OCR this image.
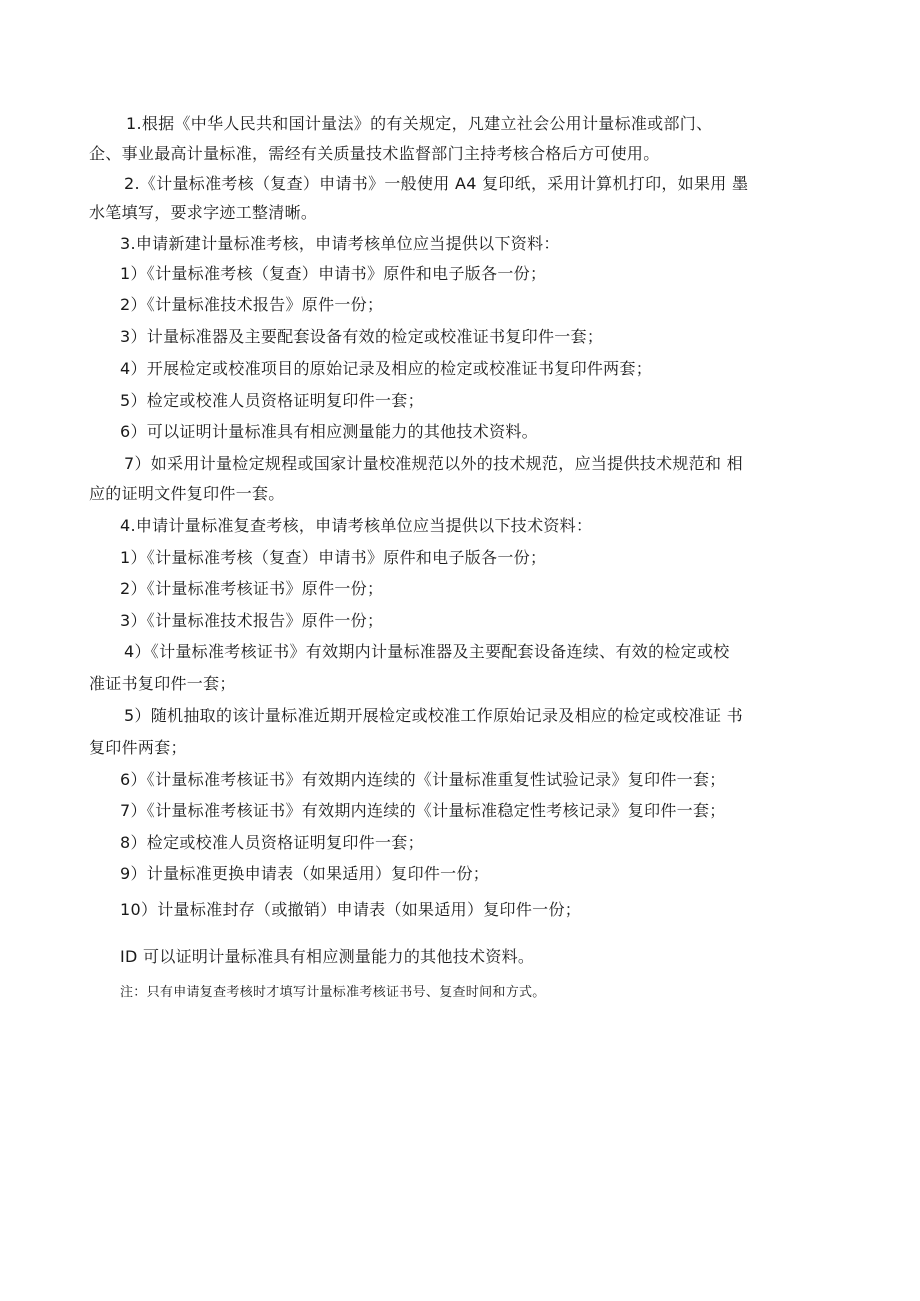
1.根据《中华人民共和国计量法》的有关规定，凡建立社会公用计量标准或部门、

企、事业最高计量标准，需经有关质量技术监督部门主持考核合格后方可使用。

2.《计量标准考核（复查）申请书》一般使用 A4 复印纸，采用计算机打印，如果用 墨

水笔填写，要求字迹工整清晰。

3.申请新建计量标准考核，申请考核单位应当提供以下资料：

1）《计量标准考核（复查）申请书》原件和电子版各一份；

2）《计量标准技术报告》原件一份；

3）计量标准器及主要配套设备有效的检定或校准证书复印件一套；

4）开展检定或校准项目的原始记录及相应的检定或校准证书复印件两套；

5）检定或校准人员资格证明复印件一套；

6）可以证明计量标准具有相应测量能力的其他技术资料。

7）如采用计量检定规程或国家计量校准规范以外的技术规范，应当提供技术规范和 相

应的证明文件复印件一套。

4.申请计量标准复查考核，申请考核单位应当提供以下技术资料：

1）《计量标准考核（复查）申请书》原件和电子版各一份；

2）《计量标准考核证书》原件一份；

3）《计量标准技术报告》原件一份；

4）《计量标准考核证书》有效期内计量标准器及主要配套设备连续、有效的检定或校

准证书复印件一套；

5）随机抽取的该计量标准近期开展检定或校准工作原始记录及相应的检定或校准证 书

复印件两套；

6）《计量标准考核证书》有效期内连续的《计量标准重复性试验记录》复印件一套；

7）《计量标准考核证书》有效期内连续的《计量标准稳定性考核记录》复印件一套；

8）检定或校准人员资格证明复印件一套；

9）计量标准更换申请表（如果适用）复印件一份；

10）计量标准封存（或撤销）申请表（如果适用）复印件一份；

ID 可以证明计量标准具有相应测量能力的其他技术资料。

注：只有申请复查考核时才填写计量标准考核证书号、复查时间和方式。
